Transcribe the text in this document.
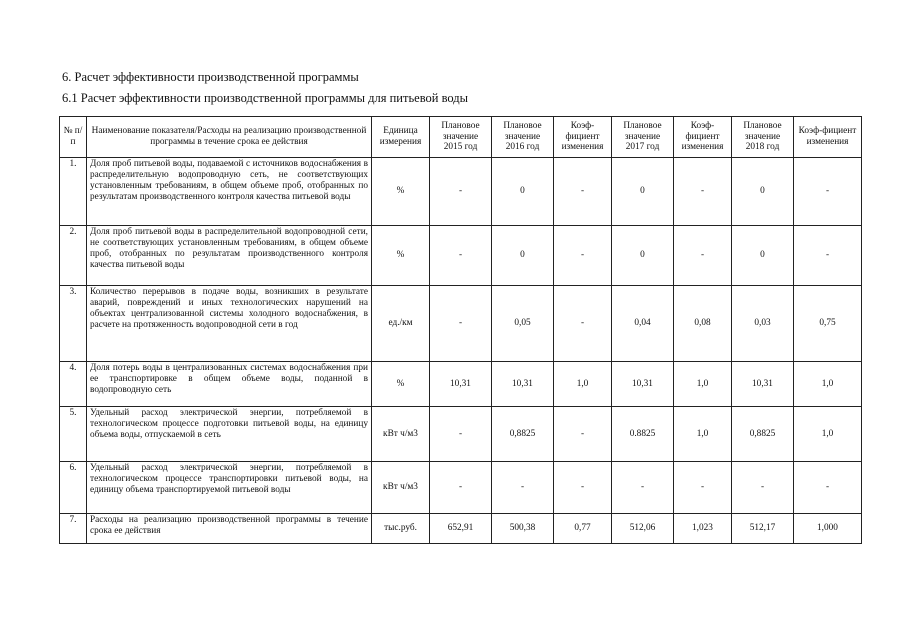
6. Расчет эффективности производственной программы
6.1 Расчет эффективности производственной программы для питьевой воды
№ п/п	Наименование показателя/Расходы на реализацию производственной программы в течение срока ее действия	Единица измерения	Плановое значение 2015 год	Плановое значение 2016 год	Коэф-фициент изменения	Плановое значение 2017 год	Коэф-фициент изменения	Плановое значение 2018 год	Коэф-фициент изменения
1.	Доля проб питьевой воды, подаваемой с источников водоснабжения в распределительную водопроводную сеть, не соответствующих установленным требованиям, в общем объеме проб, отобранных по результатам производственного контроля качества питьевой воды	%	-	0	-	0	-	0	-
2.	Доля проб питьевой воды в распределительной водопроводной сети, не соответствующих установленным требованиям, в общем объеме проб, отобранных по результатам производственного контроля качества питьевой воды	%	-	0	-	0	-	0	-
3.	Количество перерывов в подаче воды, возникших в результате аварий, повреждений и иных технологических нарушений на объектах централизованной системы холодного водоснабжения, в расчете на протяженность водопроводной сети в год	ед./км	-	0,05	-	0,04	0,08	0,03	0,75
4.	Доля потерь воды в централизованных системах водоснабжения при ее транспортировке в общем объеме воды, поданной в водопроводную сеть	%	10,31	10,31	1,0	10,31	1,0	10,31	1,0
5.	Удельный расход электрической энергии, потребляемой в технологическом процессе подготовки питьевой воды, на единицу объема воды, отпускаемой в сеть	кВт ч/м3	-	0,8825	-	0.8825	1,0	0,8825	1,0
6.	Удельный расход электрической энергии, потребляемой в технологическом процессе транспортировки питьевой воды, на единицу объема транспортируемой питьевой воды	кВт ч/м3	-	-	-	-	-	-	-
7.	Расходы на реализацию производственной программы в течение срока ее действия	тыс.руб.	652,91	500,38	0,77	512,06	1,023	512,17	1,000
